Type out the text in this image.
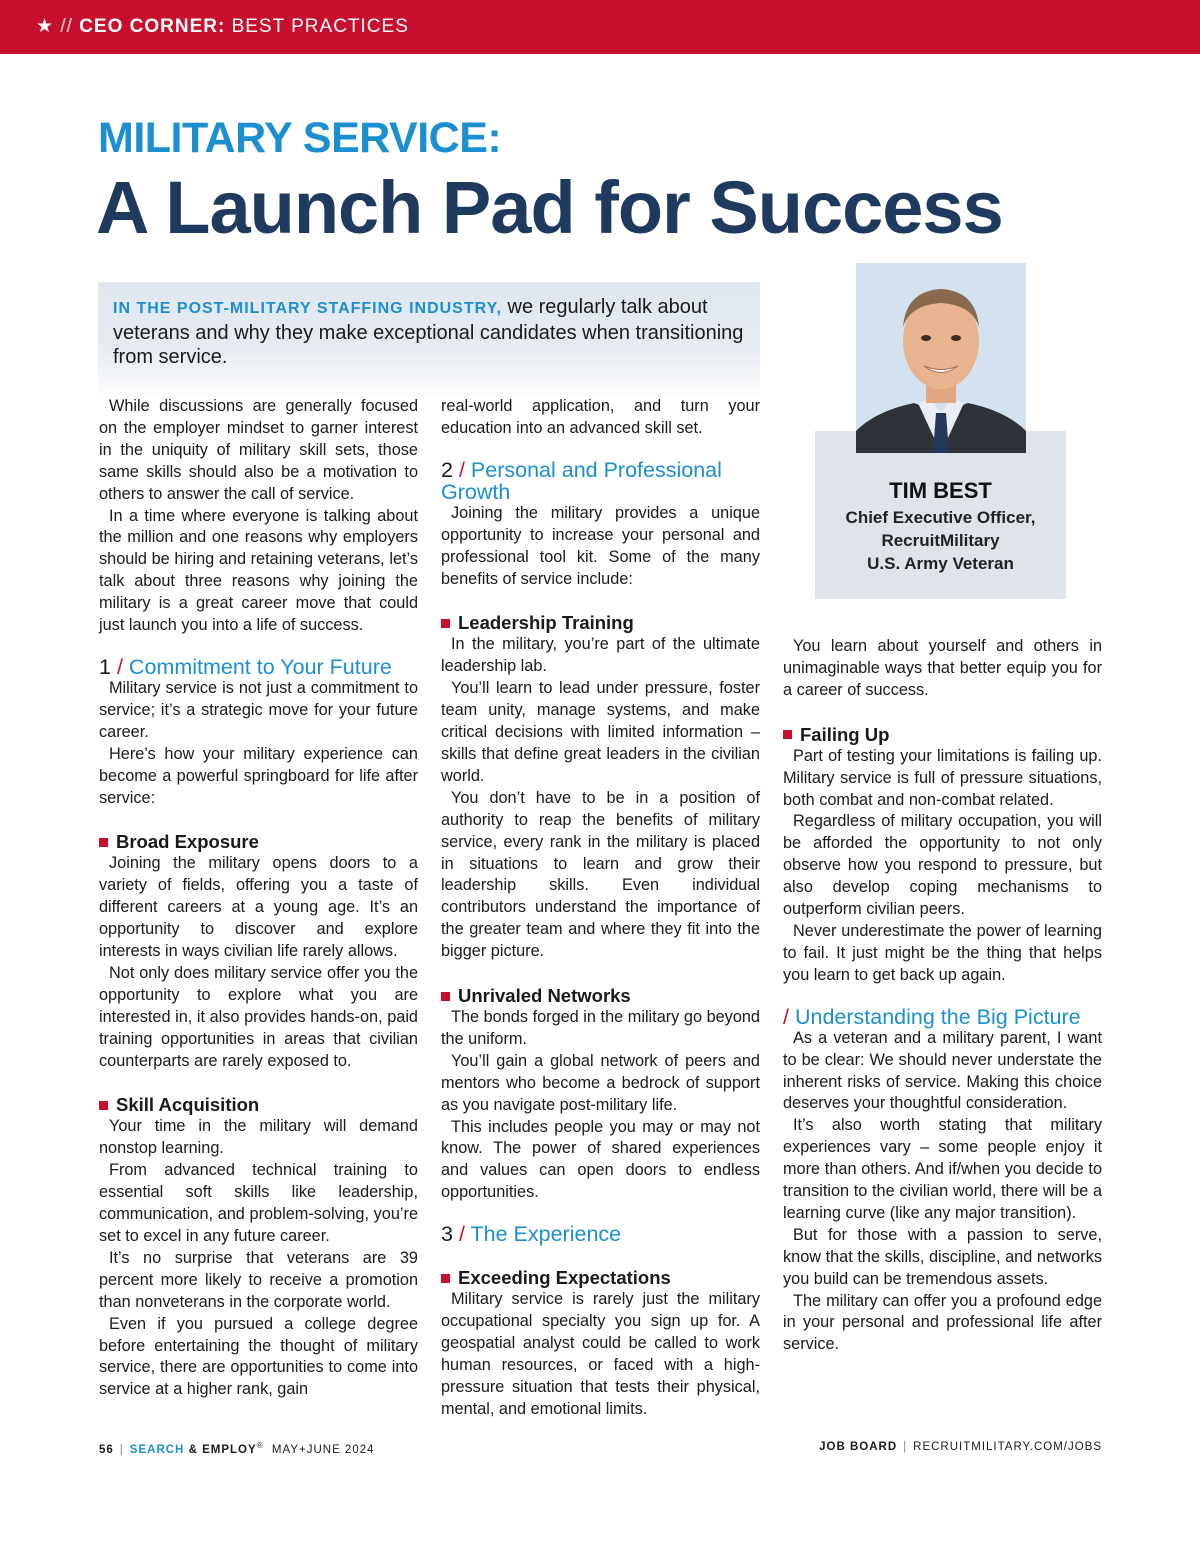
★ // CEO CORNER: BEST PRACTICES
MILITARY SERVICE:
A Launch Pad for Success

IN THE POST-MILITARY STAFFING INDUSTRY, we regularly talk about veterans and why they make exceptional candidates when transitioning from service.

TIM BEST
Chief Executive Officer,
RecruitMilitary
U.S. Army Veteran

While discussions are generally focused on the employer mindset to garner interest in the uniquity of military skill sets, those same skills should also be a motivation to others to answer the call of service.

In a time where everyone is talking about the million and one reasons why employers should be hiring and retaining veterans, let’s talk about three reasons why joining the military is a great career move that could just launch you into a life of success.

1 / Commitment to Your Future

Military service is not just a commitment to service; it’s a strategic move for your future career.

Here’s how your military experience can become a powerful springboard for life after service:

Broad Exposure

Joining the military opens doors to a variety of fields, offering you a taste of different careers at a young age. It’s an opportunity to discover and explore interests in ways civilian life rarely allows.

Not only does military service offer you the opportunity to explore what you are interested in, it also provides hands-on, paid training opportunities in areas that civilian counterparts are rarely exposed to.

Skill Acquisition

Your time in the military will demand nonstop learning.

From advanced technical training to essential soft skills like leadership, communication, and problem-solving, you’re set to excel in any future career.

It’s no surprise that veterans are 39 percent more likely to receive a promotion than nonveterans in the corporate world.

Even if you pursued a college degree before entertaining the thought of military service, there are opportunities to come into service at a higher rank, gain

real-world application, and turn your education into an advanced skill set.

2 / Personal and Professional Growth

Joining the military provides a unique opportunity to increase your personal and professional tool kit. Some of the many benefits of service include:

Leadership Training

In the military, you’re part of the ultimate leadership lab.

You’ll learn to lead under pressure, foster team unity, manage systems, and make critical decisions with limited information – skills that define great leaders in the civilian world.

You don’t have to be in a position of authority to reap the benefits of military service, every rank in the military is placed in situations to learn and grow their leadership skills. Even individual contributors understand the importance of the greater team and where they fit into the bigger picture.

Unrivaled Networks

The bonds forged in the military go beyond the uniform.

You’ll gain a global network of peers and mentors who become a bedrock of support as you navigate post-military life.

This includes people you may or may not know. The power of shared experiences and values can open doors to endless opportunities.

3 / The Experience
Exceeding Expectations

Military service is rarely just the military occupational specialty you sign up for. A geospatial analyst could be called to work human resources, or faced with a high-pressure situation that tests their physical, mental, and emotional limits.

You learn about yourself and others in unimaginable ways that better equip you for a career of success.

Failing Up

Part of testing your limitations is failing up. Military service is full of pressure situations, both combat and non-combat related.

Regardless of military occupation, you will be afforded the opportunity to not only observe how you respond to pressure, but also develop coping mechanisms to outperform civilian peers.

Never underestimate the power of learning to fail. It just might be the thing that helps you learn to get back up again.

/ Understanding the Big Picture

As a veteran and a military parent, I want to be clear: We should never understate the inherent risks of service. Making this choice deserves your thoughtful consideration.

It’s also worth stating that military experiences vary – some people enjoy it more than others. And if/when you decide to transition to the civilian world, there will be a learning curve (like any major transition).

But for those with a passion to serve, know that the skills, discipline, and networks you build can be tremendous assets.

The military can offer you a profound edge in your personal and professional life after service.

56 | SEARCH & EMPLOY® MAY+JUNE 2024	JOB BOARD | RECRUITMILITARY.COM/JOBS
